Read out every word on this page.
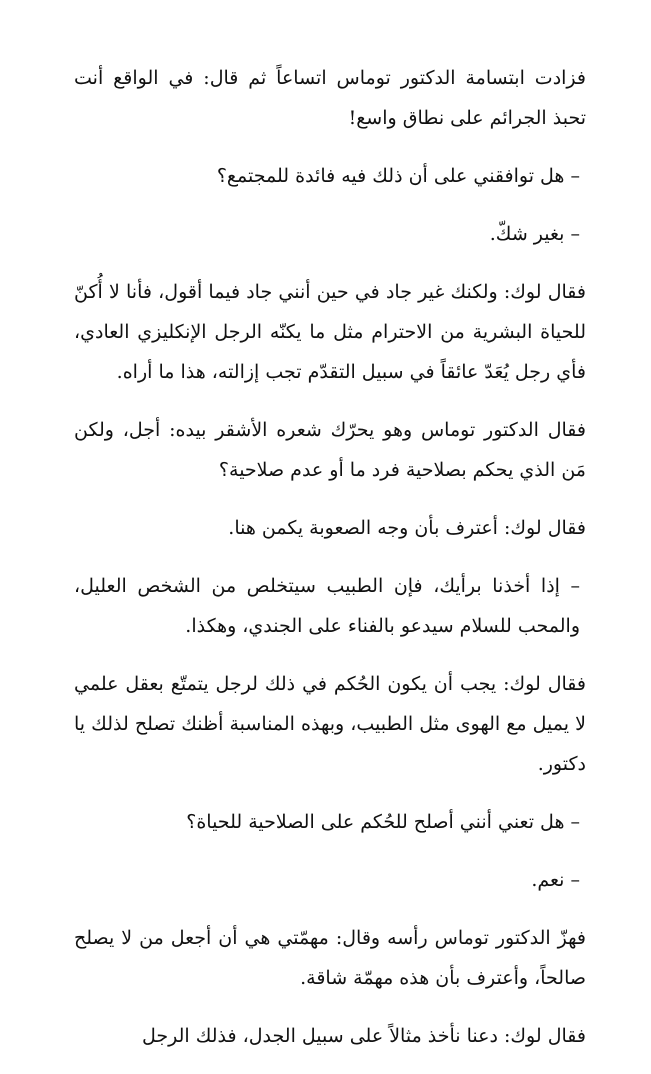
فزادت ابتسامة الدكتور توماس اتساعاً ثم قال: في الواقع أنت تحبذ الجرائم على نطاق واسع!

– هل توافقني على أن ذلك فيه فائدة للمجتمع؟

– بغير شكّ.

فقال لوك: ولكنك غير جاد في حين أنني جاد فيما أقول، فأنا لا أُكنّ للحياة البشرية من الاحترام مثل ما يكنّه الرجل الإنكليزي العادي، فأي رجل يُعَدّ عائقاً في سبيل التقدّم تجب إزالته، هذا ما أراه.

فقال الدكتور توماس وهو يحرّك شعره الأشقر بيده: أجل، ولكن مَن الذي يحكم بصلاحية فرد ما أو عدم صلاحية؟

فقال لوك: أعترف بأن وجه الصعوبة يكمن هنا.

– إذا أخذنا برأيك، فإن الطبيب سيتخلص من الشخص العليل، والمحب للسلام سيدعو بالفناء على الجندي، وهكذا.

فقال لوك: يجب أن يكون الحُكم في ذلك لرجل يتمتّع بعقل علمي لا يميل مع الهوى مثل الطبيب، وبهذه المناسبة أظنك تصلح لذلك يا دكتور.

– هل تعني أنني أصلح للحُكم على الصلاحية للحياة؟

– نعم.

فهزّ الدكتور توماس رأسه وقال: مهمّتي هي أن أجعل من لا يصلح صالحاً، وأعترف بأن هذه مهمّة شاقة.

فقال لوك: دعنا نأخذ مثالاً على سبيل الجدل، فذلك الرجل
